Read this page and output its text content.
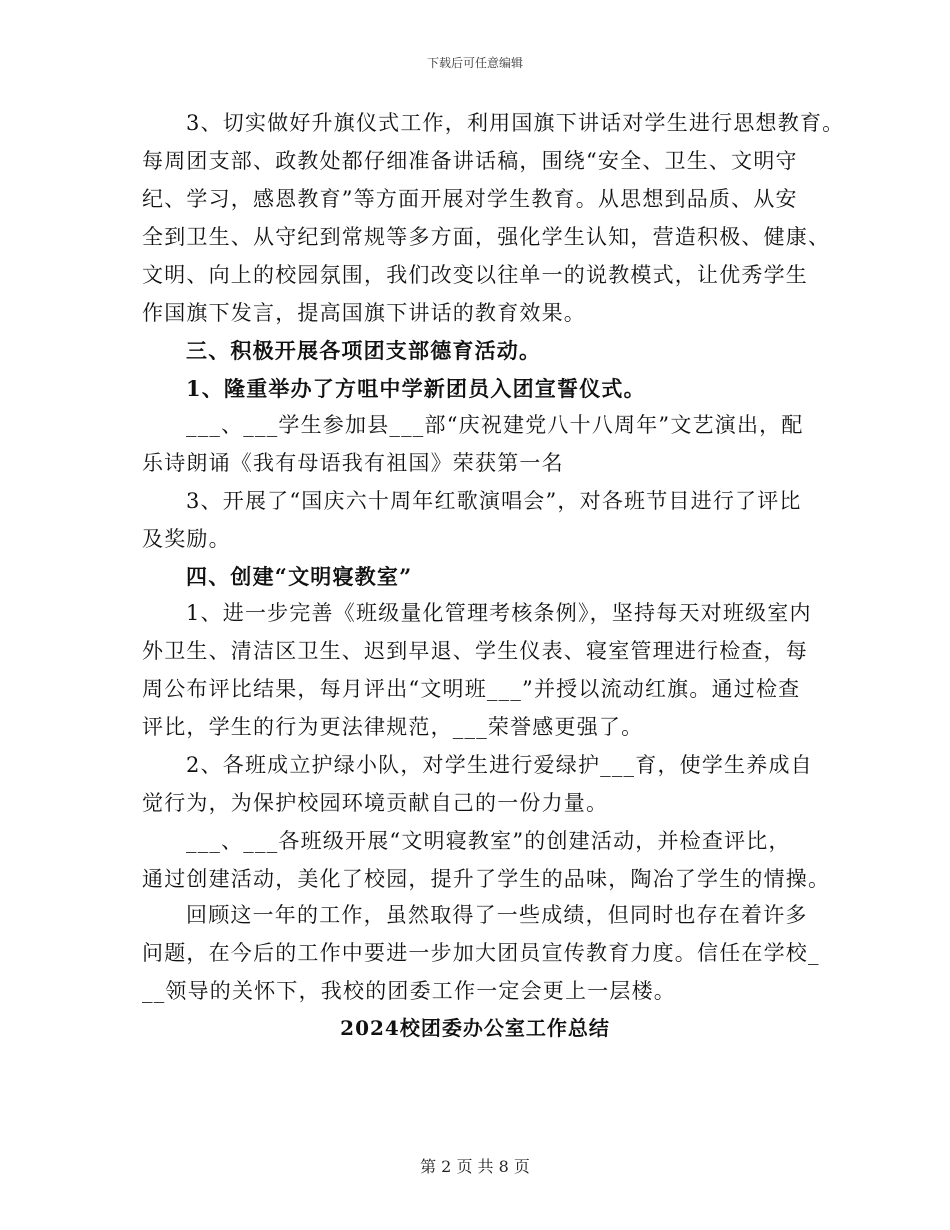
下载后可任意编辑
3、切实做好升旗仪式工作，利用国旗下讲话对学生进行思想教育。
每周团支部、政教处都仔细准备讲话稿，围绕“安全、卫生、文明守
纪、学习，感恩教育”等方面开展对学生教育。从思想到品质、从安
全到卫生、从守纪到常规等多方面，强化学生认知，营造积极、健康、
文明、向上的校园氛围，我们改变以往单一的说教模式，让优秀学生
作国旗下发言，提高国旗下讲话的教育效果。
三、积极开展各项团支部德育活动。
1、隆重举办了方咀中学新团员入团宣誓仪式。
___、___学生参加县___部“庆祝建党八十八周年”文艺演出，配
乐诗朗诵《我有母语我有祖国》荣获第一名
3、开展了“国庆六十周年红歌演唱会”，对各班节目进行了评比
及奖励。
四、创建“文明寝教室”
1、进一步完善《班级量化管理考核条例》，坚持每天对班级室内
外卫生、清洁区卫生、迟到早退、学生仪表、寝室管理进行检查，每
周公布评比结果，每月评出“文明班___”并授以流动红旗。通过检查
评比，学生的行为更法律规范，___荣誉感更强了。
2、各班成立护绿小队，对学生进行爱绿护___育，使学生养成自
觉行为，为保护校园环境贡献自己的一份力量。
___、___各班级开展“文明寝教室”的创建活动，并检查评比，
通过创建活动，美化了校园，提升了学生的品味，陶冶了学生的情操。
回顾这一年的工作，虽然取得了一些成绩，但同时也存在着许多
问题，在今后的工作中要进一步加大团员宣传教育力度。信任在学校_
__领导的关怀下，我校的团委工作一定会更上一层楼。
2024校团委办公室工作总结
第 2 页 共 8 页
